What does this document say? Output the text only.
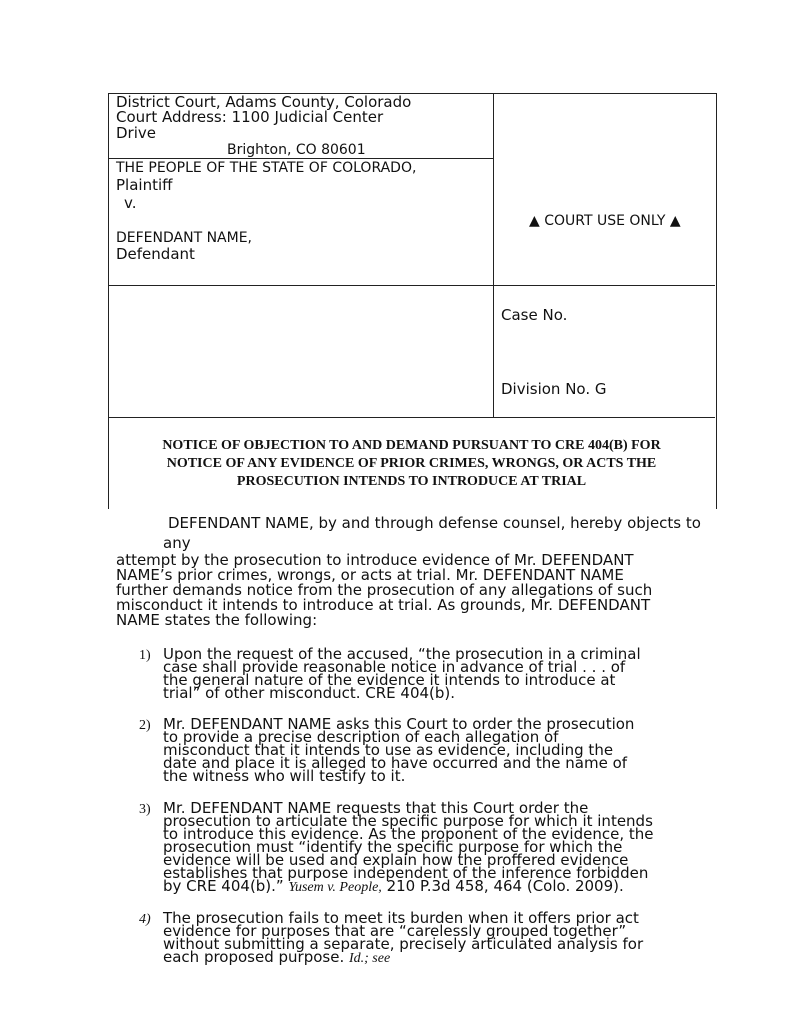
District Court, Adams County, Colorado
Court Address: 1100 Judicial Center
Drive
Brighton, CO 80601
THE PEOPLE OF THE STATE OF COLORADO,
Plaintiff
v.
DEFENDANT NAME,
Defendant
▲ COURT USE ONLY ▲
Case No.
Division No. G
NOTICE OF OBJECTION TO AND DEMAND PURSUANT TO CRE 404(B) FOR
NOTICE OF ANY EVIDENCE OF PRIOR CRIMES, WRONGS, OR ACTS THE
PROSECUTION INTENDS TO INTRODUCE AT TRIAL
DEFENDANT NAME, by and through defense counsel, hereby objects to
any
attempt by the prosecution to introduce evidence of Mr. DEFENDANT
NAME’s prior crimes, wrongs, or acts at trial. Mr. DEFENDANT NAME
further demands notice from the prosecution of any allegations of such
misconduct it intends to introduce at trial. As grounds, Mr. DEFENDANT
NAME states the following:
1) Upon the request of the accused, “the prosecution in a criminal
case shall provide reasonable notice in advance of trial . . . of
the general nature of the evidence it intends to introduce at
trial” of other misconduct. CRE 404(b).
2) Mr. DEFENDANT NAME asks this Court to order the prosecution
to provide a precise description of each allegation of
misconduct that it intends to use as evidence, including the
date and place it is alleged to have occurred and the name of
the witness who will testify to it.
3) Mr. DEFENDANT NAME requests that this Court order the
prosecution to articulate the specific purpose for which it intends
to introduce this evidence. As the proponent of the evidence, the
prosecution must “identify the specific purpose for which the
evidence will be used and explain how the proffered evidence
establishes that purpose independent of the inference forbidden
by CRE 404(b).” Yusem v. People, 210 P.3d 458, 464 (Colo. 2009).
4) The prosecution fails to meet its burden when it offers prior act
evidence for purposes that are “carelessly grouped together”
without submitting a separate, precisely articulated analysis for
each proposed purpose. Id.; see
